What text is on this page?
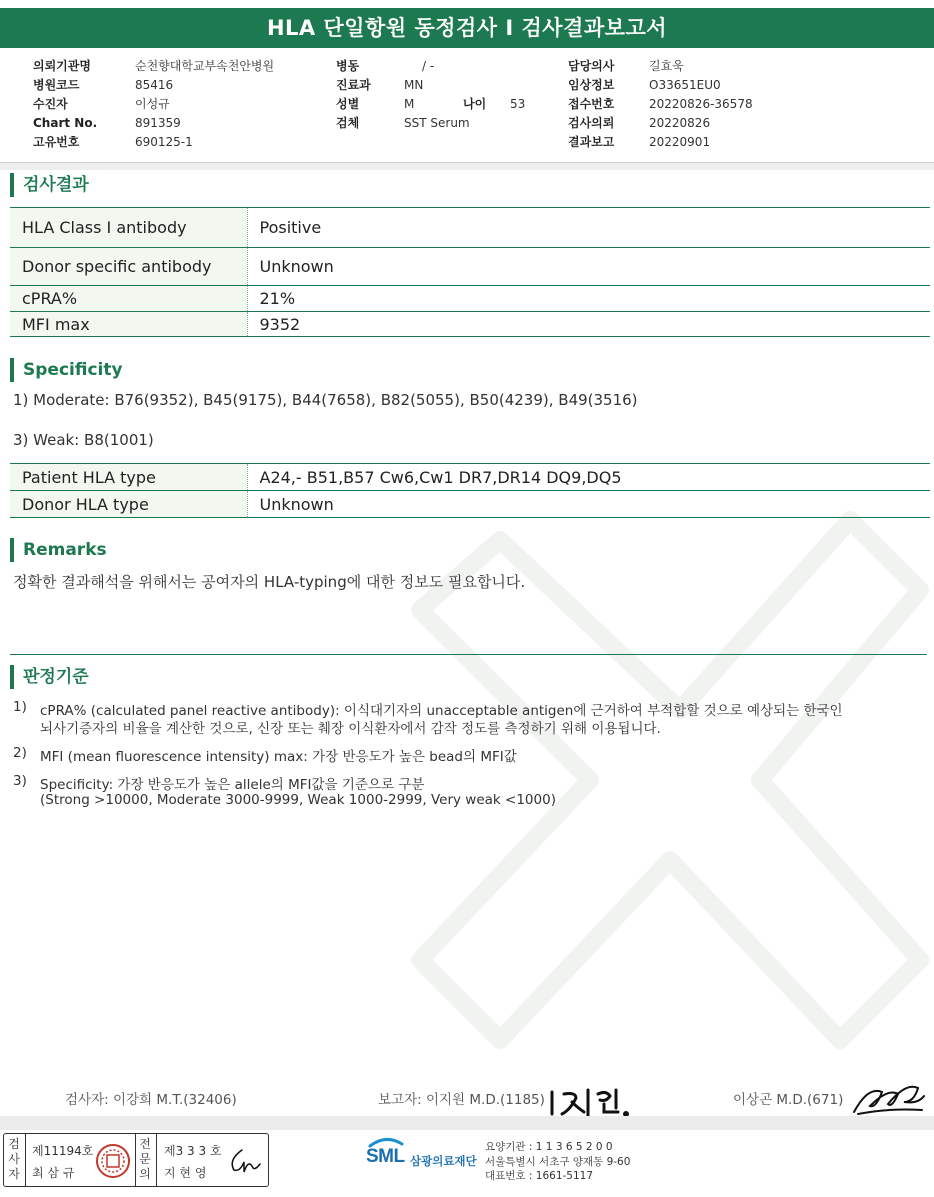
HLA 단일항원 동정검사 I 검사결과보고서
의뢰기관명	순천향대학교부속천안병원
병원코드	85416
수진자	이성규
Chart No.	891359
고유번호	690125-1
병동	/ -
진료과	MN
성별	M	나이 53
검체	SST Serum
담당의사	길효욱
임상정보	O33651EU0
접수번호	20220826-36578
검사의뢰	20220826
결과보고	20220901
검사결과
HLA Class I antibody	Positive
Donor specific antibody	Unknown
cPRA%	21%
MFI max	9352
Specificity
1) Moderate: B76(9352), B45(9175), B44(7658), B82(5055), B50(4239), B49(3516)
3) Weak: B8(1001)
Patient HLA type	A24,- B51,B57 Cw6,Cw1 DR7,DR14 DQ9,DQ5
Donor HLA type	Unknown
Remarks
정확한 결과해석을 위해서는 공여자의 HLA-typing에 대한 정보도 필요합니다.
판정기준
1) cPRA% (calculated panel reactive antibody): 이식대기자의 unacceptable antigen에 근거하여 부적합할 것으로 예상되는 한국인
뇌사기증자의 비율을 계산한 것으로, 신장 또는 췌장 이식환자에서 감작 정도를 측정하기 위해 이용됩니다.
2) MFI (mean fluorescence intensity) max: 가장 반응도가 높은 bead의 MFI값
3) Specificity: 가장 반응도가 높은 allele의 MFI값을 기준으로 구분
(Strong >10000, Moderate 3000-9999, Weak 1000-2999, Very weak <1000)
검사자: 이강희 M.T.(32406)	보고자: 이지원 M.D.(1185)	이상곤 M.D.(671)
검
사
자
제11194호
최 삼 규
전
문
의
제3 3 3 호
지 현 영
SML 삼광의료재단
요양기관 : 1 1 3 6 5 2 0 0
서울특별시 서초구 양재동 9-60
대표번호 : 1661-5117
